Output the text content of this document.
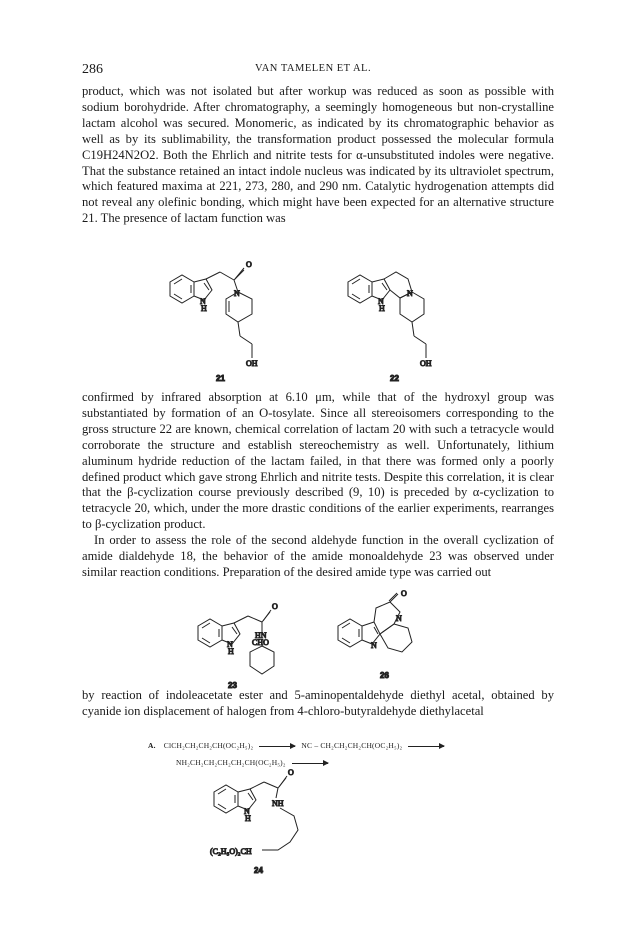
286	VAN TAMELEN ET AL.

product, which was not isolated but after workup was reduced as soon as possible with sodium borohydride. After chromatography, a seemingly homogeneous but non-crystalline lactam alcohol was secured. Monomeric, as indicated by its chromatographic behavior as well as by its sublimability, the transformation product possessed the molecular formula C19H24N2O2. Both the Ehrlich and nitrite tests for α-unsubstituted indoles were negative. That the substance retained an intact indole nucleus was indicated by its ultraviolet spectrum, which featured maxima at 221, 273, 280, and 290 nm. Catalytic hydrogenation attempts did not reveal any olefinic bonding, which might have been expected for an alternative structure 21. The presence of lactam function was

N
H
N
O
OH
21
N
H
N
OH
22

confirmed by infrared absorption at 6.10 μm, while that of the hydroxyl group was substantiated by formation of an O-tosylate. Since all stereoisomers corresponding to the gross structure 22 are known, chemical correlation of lactam 20 with such a tetracycle would corroborate the structure and establish stereochemistry as well. Unfortunately, lithium aluminum hydride reduction of the lactam failed, in that there was formed only a poorly defined product which gave strong Ehrlich and nitrite tests. Despite this correlation, it is clear that the β-cyclization course previously described (9, 10) is preceded by α-cyclization to tetracycle 20, which, under the more drastic conditions of the earlier experiments, rearranges to β-cyclization product.

In order to assess the role of the second aldehyde function in the overall cyclization of amide dialdehyde 18, the behavior of the amide monoaldehyde 23 was observed under similar reaction conditions. Preparation of the desired amide type was carried out

N
H
HN
CHO
O
23
N
N
O
26

by reaction of indoleacetate ester and 5-aminopentaldehyde diethyl acetal, obtained by cyanide ion displacement of halogen from 4-chloro-butyraldehyde diethylacetal

A. ClCH₂CH₂CH₂CH(OC₂H₅)₂	NC – CH₂CH₂CH₂CH(OC₂H₅)₂
NH₂CH₂CH₂CH₂CH₂CH(OC₂H₅)₂
N
H
NH
O
(C₂H₅O)₂CH
24
